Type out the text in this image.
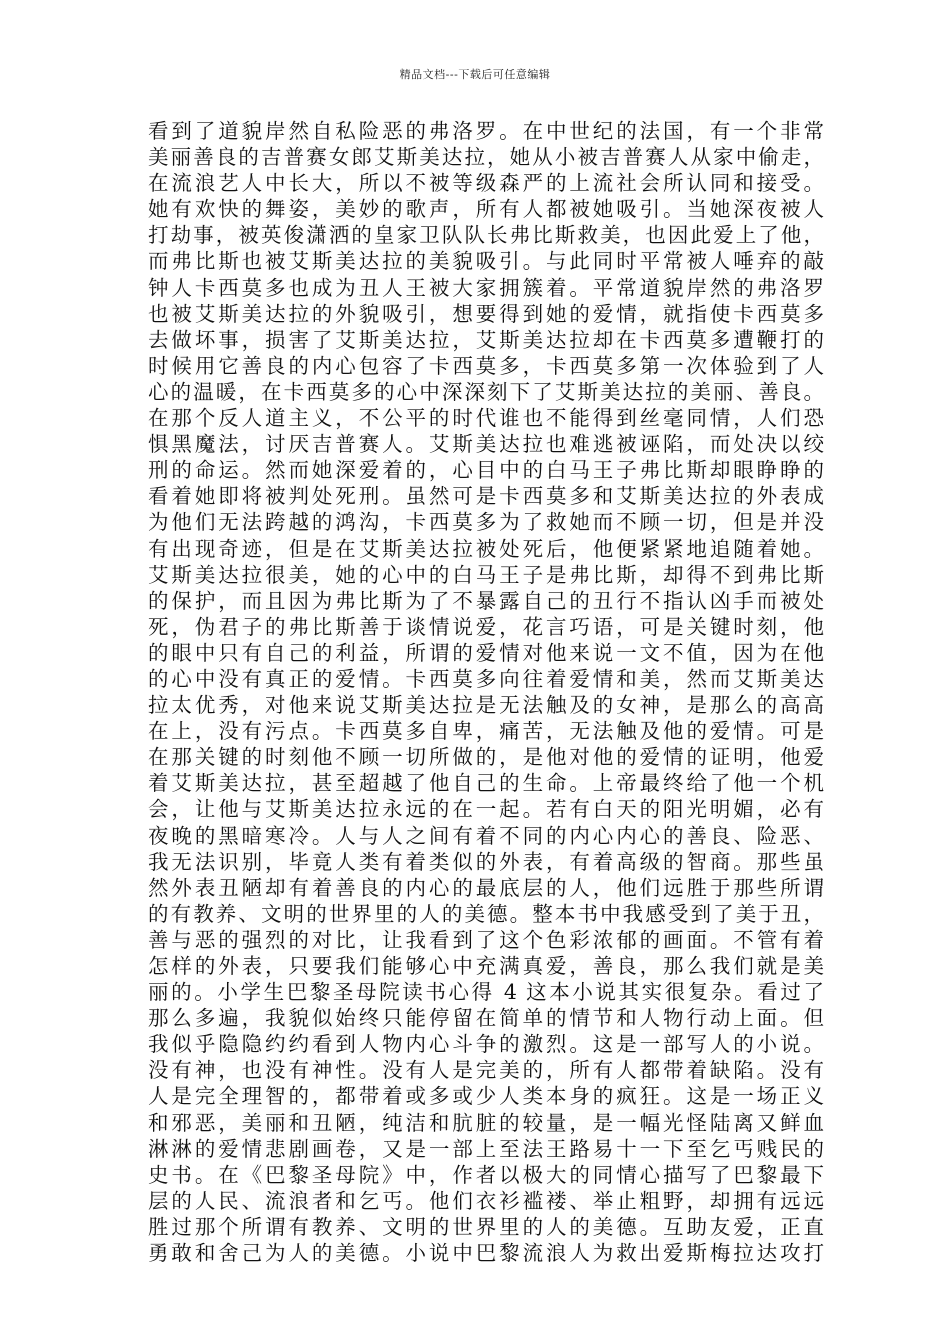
精品文档---下载后可任意编辑
看到了道貌岸然自私险恶的弗洛罗。在中世纪的法国，有一个非常
美丽善良的吉普赛女郎艾斯美达拉，她从小被吉普赛人从家中偷走，
在流浪艺人中长大，所以不被等级森严的上流社会所认同和接受。
她有欢快的舞姿，美妙的歌声，所有人都被她吸引。当她深夜被人
打劫事，被英俊潇洒的皇家卫队队长弗比斯救美，也因此爱上了他，
而弗比斯也被艾斯美达拉的美貌吸引。与此同时平常被人唾弃的敲
钟人卡西莫多也成为丑人王被大家拥簇着。平常道貌岸然的弗洛罗
也被艾斯美达拉的外貌吸引，想要得到她的爱情，就指使卡西莫多
去做坏事，损害了艾斯美达拉，艾斯美达拉却在卡西莫多遭鞭打的
时候用它善良的内心包容了卡西莫多，卡西莫多第一次体验到了人
心的温暖，在卡西莫多的心中深深刻下了艾斯美达拉的美丽、善良。
在那个反人道主义，不公平的时代谁也不能得到丝毫同情，人们恐
惧黑魔法，讨厌吉普赛人。艾斯美达拉也难逃被诬陷，而处决以绞
刑的命运。然而她深爱着的，心目中的白马王子弗比斯却眼睁睁的
看着她即将被判处死刑。虽然可是卡西莫多和艾斯美达拉的外表成
为他们无法跨越的鸿沟，卡西莫多为了救她而不顾一切，但是并没
有出现奇迹，但是在艾斯美达拉被处死后，他便紧紧地追随着她。
艾斯美达拉很美，她的心中的白马王子是弗比斯，却得不到弗比斯
的保护，而且因为弗比斯为了不暴露自己的丑行不指认凶手而被处
死，伪君子的弗比斯善于谈情说爱，花言巧语，可是关键时刻，他
的眼中只有自己的利益，所谓的爱情对他来说一文不值，因为在他
的心中没有真正的爱情。卡西莫多向往着爱情和美，然而艾斯美达
拉太优秀，对他来说艾斯美达拉是无法触及的女神，是那么的高高
在上，没有污点。卡西莫多自卑，痛苦，无法触及他的爱情。可是
在那关键的时刻他不顾一切所做的，是他对他的爱情的证明，他爱
着艾斯美达拉，甚至超越了他自己的生命。上帝最终给了他一个机
会，让他与艾斯美达拉永远的在一起。若有白天的阳光明媚，必有
夜晚的黑暗寒冷。人与人之间有着不同的内心内心的善良、险恶、
我无法识别，毕竟人类有着类似的外表，有着高级的智商。那些虽
然外表丑陋却有着善良的内心的最底层的人，他们远胜于那些所谓
的有教养、文明的世界里的人的美德。整本书中我感受到了美于丑，
善与恶的强烈的对比，让我看到了这个色彩浓郁的画面。不管有着
怎样的外表，只要我们能够心中充满真爱，善良，那么我们就是美
丽的。小学生巴黎圣母院读书心得 4 这本小说其实很复杂。看过了
那么多遍，我貌似始终只能停留在简单的情节和人物行动上面。但
我似乎隐隐约约看到人物内心斗争的激烈。这是一部写人的小说。
没有神，也没有神性。没有人是完美的，所有人都带着缺陷。没有
人是完全理智的，都带着或多或少人类本身的疯狂。这是一场正义
和邪恶，美丽和丑陋，纯洁和肮脏的较量，是一幅光怪陆离又鲜血
淋淋的爱情悲剧画卷，又是一部上至法王路易十一下至乞丐贱民的
史书。在《巴黎圣母院》中，作者以极大的同情心描写了巴黎最下
层的人民、流浪者和乞丐。他们衣衫褴褛、举止粗野，却拥有远远
胜过那个所谓有教养、文明的世界里的人的美德。互助友爱，正直
勇敢和舍己为人的美德。小说中巴黎流浪人为救出爱斯梅拉达攻打
